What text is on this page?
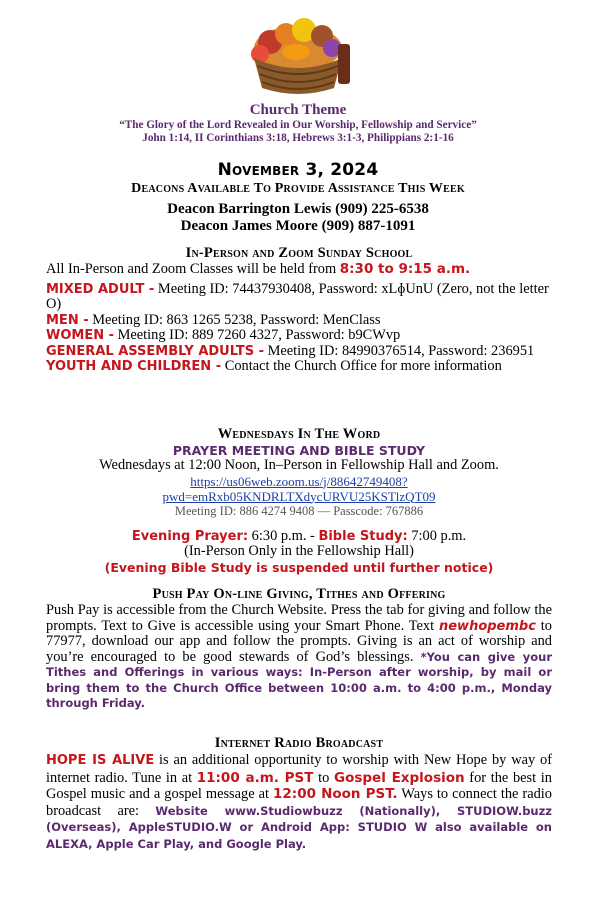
Church Theme
“The Glory of the Lord Revealed in Our Worship, Fellowship and Service”
John 1:14, II Corinthians 3:18, Hebrews 3:1-3, Philippians 2:1-16
November 3, 2024
Deacons Available To Provide Assistance This Week
Deacon Barrington Lewis (909) 225-6538
Deacon James Moore (909) 887-1091
In-Person and Zoom Sunday School
All In-Person and Zoom Classes will be held from 8:30 to 9:15 a.m.
MIXED ADULT - Meeting ID: 74437930408, Password: xLɸUnU (Zero, not the letter O)
MEN - Meeting ID: 863 1265 5238, Password: MenClass
WOMEN - Meeting ID: 889 7260 4327, Password: b9CWvp
GENERAL ASSEMBLY ADULTS - Meeting ID: 84990376514, Password: 236951
YOUTH AND CHILDREN - Contact the Church Office for more information
Wednesdays In The Word
PRAYER MEETING AND BIBLE STUDY
Wednesdays at 12:00 Noon, In–Person in Fellowship Hall and Zoom.
https://us06web.zoom.us/j/88642749408?
pwd=emRxb05KNDRLTXdycURVU25KSTlzQT09
Meeting ID: 886 4274 9408 — Passcode: 767886
Evening Prayer: 6:30 p.m. - Bible Study: 7:00 p.m.
(In-Person Only in the Fellowship Hall)
(Evening Bible Study is suspended until further notice)
Push Pay On-line Giving, Tithes and Offering
Push Pay is accessible from the Church Website. Press the tab for giving and follow the prompts. Text to Give is accessible using your Smart Phone. Text newhopembc to 77977, download our app and follow the prompts. Giving is an act of worship and you’re encouraged to be good stewards of God’s blessings. *You can give your Tithes and Offerings in various ways: In-Person after worship, by mail or bring them to the Church Office between 10:00 a.m. to 4:00 p.m., Monday through Friday.
Internet Radio Broadcast
HOPE IS ALIVE is an additional opportunity to worship with New Hope by way of internet radio. Tune in at 11:00 a.m. PST to Gospel Explosion for the best in Gospel music and a gospel message at 12:00 Noon PST. Ways to connect the radio broadcast are: Website www.Studiowbuzz (Nationally), STUDIOW.buzz (Overseas), AppleSTUDIO.W or Android App: STUDIO W also available on ALEXA, Apple Car Play, and Google Play.
